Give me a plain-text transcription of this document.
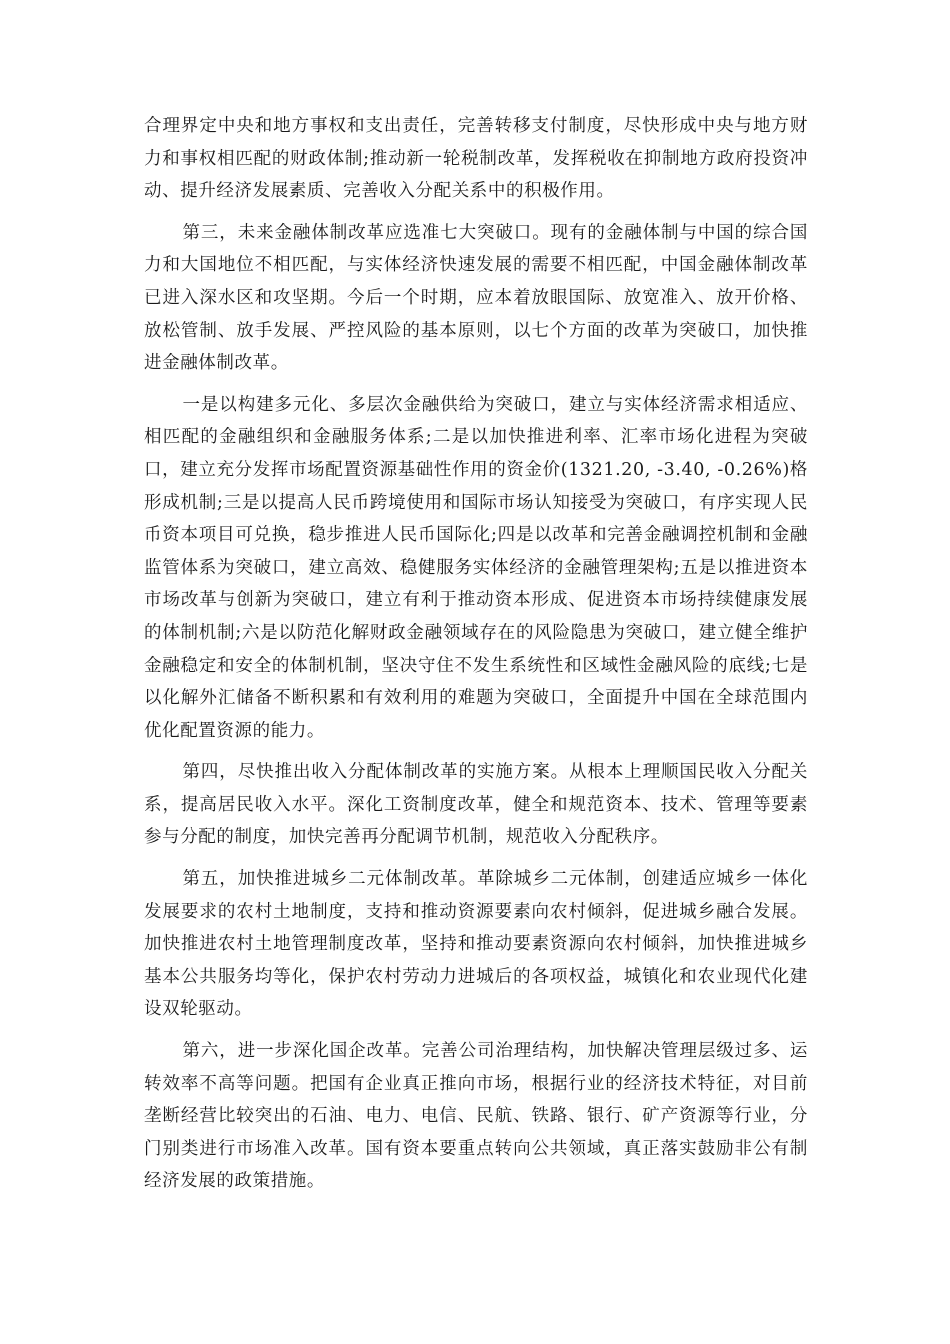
合理界定中央和地方事权和支出责任，完善转移支付制度，尽快形成中央与地方财力和事权相匹配的财政体制;推动新一轮税制改革，发挥税收在抑制地方政府投资冲动、提升经济发展素质、完善收入分配关系中的积极作用。

第三，未来金融体制改革应选准七大突破口。现有的金融体制与中国的综合国力和大国地位不相匹配，与实体经济快速发展的需要不相匹配，中国金融体制改革已进入深水区和攻坚期。今后一个时期，应本着放眼国际、放宽准入、放开价格、放松管制、放手发展、严控风险的基本原则，以七个方面的改革为突破口，加快推进金融体制改革。

一是以构建多元化、多层次金融供给为突破口，建立与实体经济需求相适应、相匹配的金融组织和金融服务体系;二是以加快推进利率、汇率市场化进程为突破口，建立充分发挥市场配置资源基础性作用的资金价(1321.20, -3.40, -0.26%)格形成机制;三是以提高人民币跨境使用和国际市场认知接受为突破口，有序实现人民币资本项目可兑换，稳步推进人民币国际化;四是以改革和完善金融调控机制和金融监管体系为突破口，建立高效、稳健服务实体经济的金融管理架构;五是以推进资本市场改革与创新为突破口，建立有利于推动资本形成、促进资本市场持续健康发展的体制机制;六是以防范化解财政金融领域存在的风险隐患为突破口，建立健全维护金融稳定和安全的体制机制，坚决守住不发生系统性和区域性金融风险的底线;七是以化解外汇储备不断积累和有效利用的难题为突破口，全面提升中国在全球范围内优化配置资源的能力。

第四，尽快推出收入分配体制改革的实施方案。从根本上理顺国民收入分配关系，提高居民收入水平。深化工资制度改革，健全和规范资本、技术、管理等要素参与分配的制度，加快完善再分配调节机制，规范收入分配秩序。

第五，加快推进城乡二元体制改革。革除城乡二元体制，创建适应城乡一体化发展要求的农村土地制度，支持和推动资源要素向农村倾斜，促进城乡融合发展。加快推进农村土地管理制度改革，坚持和推动要素资源向农村倾斜，加快推进城乡基本公共服务均等化，保护农村劳动力进城后的各项权益，城镇化和农业现代化建设双轮驱动。

第六，进一步深化国企改革。完善公司治理结构，加快解决管理层级过多、运转效率不高等问题。把国有企业真正推向市场，根据行业的经济技术特征，对目前垄断经营比较突出的石油、电力、电信、民航、铁路、银行、矿产资源等行业，分门别类进行市场准入改革。国有资本要重点转向公共领域，真正落实鼓励非公有制经济发展的政策措施。
